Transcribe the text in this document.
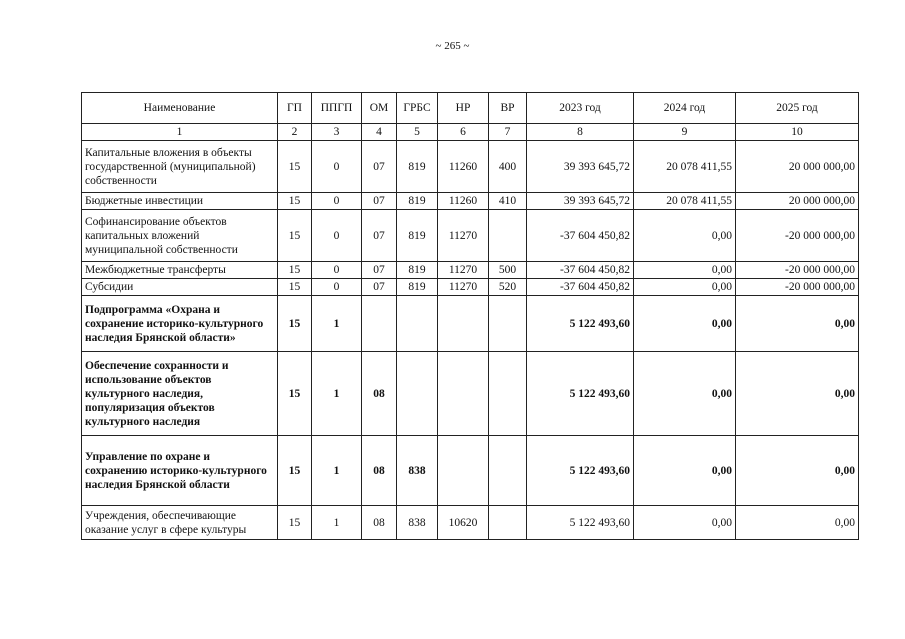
~ 265 ~
Наименование	ГП	ППГП	ОМ	ГРБС	НР	ВР	2023 год	2024 год	2025 год
1	2	3	4	5	6	7	8	9	10
Капитальные вложения в объекты государственной (муниципальной) собственности	15	0	07	819	11260	400	39 393 645,72	20 078 411,55	20 000 000,00
Бюджетные инвестиции	15	0	07	819	11260	410	39 393 645,72	20 078 411,55	20 000 000,00
Софинансирование объектов капитальных вложений муниципальной собственности	15	0	07	819	11270		-37 604 450,82	0,00	-20 000 000,00
Межбюджетные трансферты	15	0	07	819	11270	500	-37 604 450,82	0,00	-20 000 000,00
Субсидии	15	0	07	819	11270	520	-37 604 450,82	0,00	-20 000 000,00
Подпрограмма «Охрана и сохранение историко-культурного наследия Брянской области»	15	1					5 122 493,60	0,00	0,00
Обеспечение сохранности и использование объектов культурного наследия, популяризация объектов культурного наследия	15	1	08				5 122 493,60	0,00	0,00
Управление по охране и сохранению историко-культурного наследия Брянской области	15	1	08	838			5 122 493,60	0,00	0,00
Учреждения, обеспечивающие оказание услуг в сфере культуры	15	1	08	838	10620		5 122 493,60	0,00	0,00
